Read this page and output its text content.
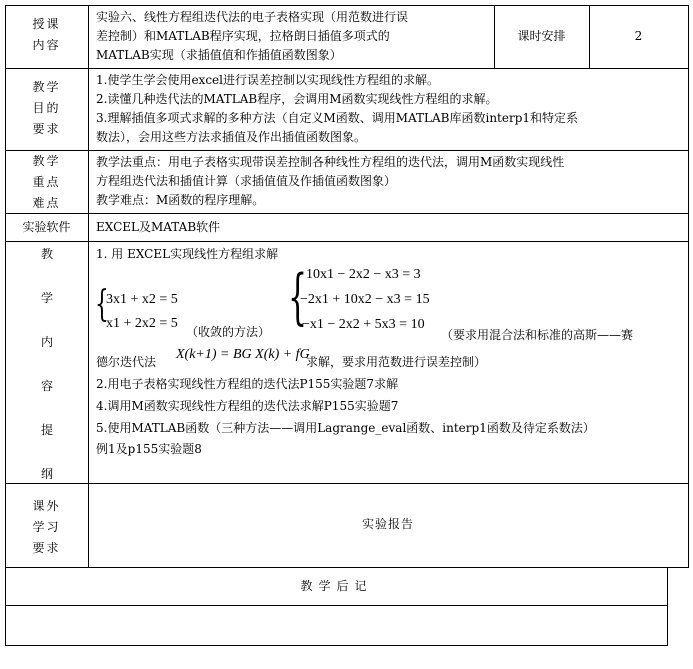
授课
内容
实验六、线性方程组迭代法的电子表格实现（用范数进行误
差控制）和MATLAB程序实现，拉格朗日插值多项式的
MATLAB实现（求插值值和作插值函数图象）
课时安排	2
教学
目的
要求
1.使学生学会使用excel进行误差控制以实现线性方程组的求解。
2.读懂几种迭代法的MATLAB程序，会调用M函数实现线性方程组的求解。
3.理解插值多项式求解的多种方法（自定义M函数、调用MATLAB库函数interp1和特定系
数法），会用这些方法求插值及作出插值函数图象。
教学
重点
难点
教学法重点：用电子表格实现带误差控制各种线性方程组的迭代法，调用M函数实现线性
方程组迭代法和插值计算（求插值值及作插值函数图象）
教学难点：M函数的程序理解。
实验软件	EXCEL及MATAB软件
教
学
内
容
提
纲
1. 用 EXCEL实现线性方程组求解
{
3x1 + x2 = 5
x1 + 2x2 = 5
（收敛的方法） {
10x1 − 2x2 − x3 = 3
−2x1 + 10x2 − x3 = 15
−x1 − 2x2 + 5x3 = 10
（要求用混合法和标准的高斯——赛
德尔迭代法 X(k+1) = BG X(k) + fG
求解，要求用范数进行误差控制）
2.用电子表格实现线性方程组的迭代法P155实验题7求解
4.调用M函数实现线性方程组的迭代法求解P155实验题7
5.使用MATLAB函数（三种方法——调用Lagrange_eval函数、interp1函数及待定系数法）
例1及p155实验题8
课外
学习
要求
实验报告
教学后记
